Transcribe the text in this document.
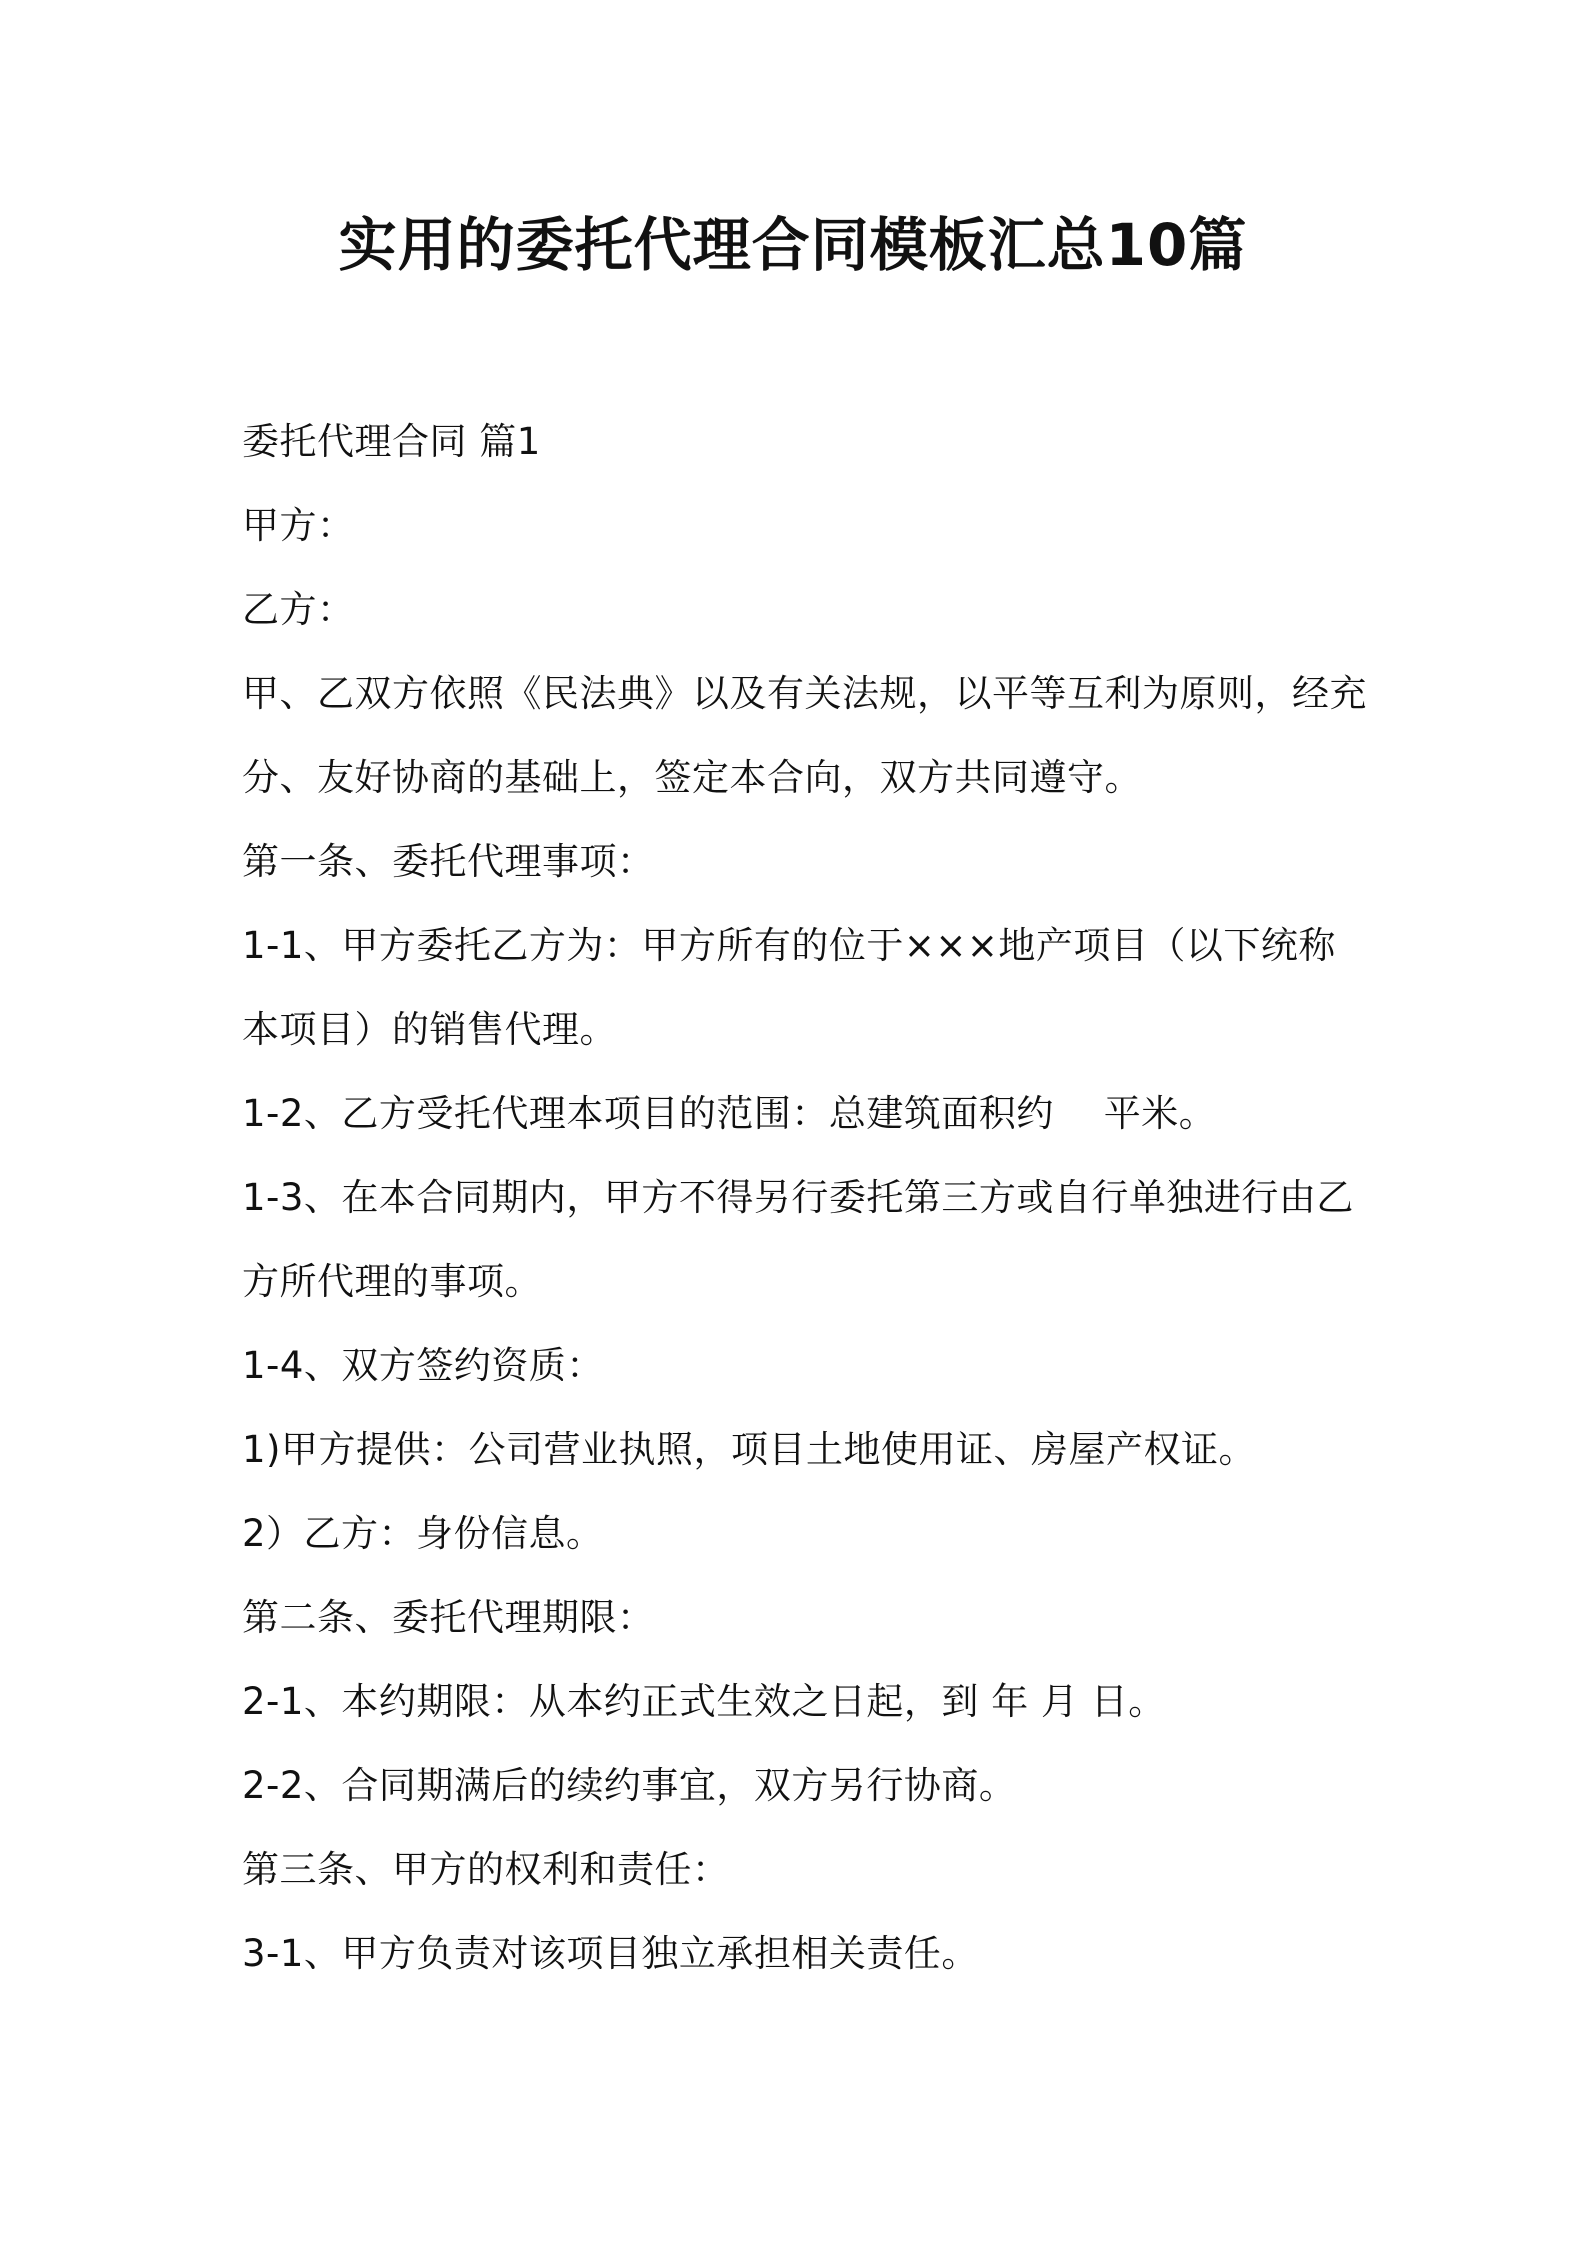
实用的委托代理合同模板汇总10篇
委托代理合同 篇1
甲方：
乙方：
甲、乙双方依照《民法典》以及有关法规，以平等互利为原则，经充
分、友好协商的基础上，签定本合向，双方共同遵守。
第一条、委托代理事项：
1-1、甲方委托乙方为：甲方所有的位于×××地产项目（以下统称
本项目）的销售代理。
1-2、乙方受托代理本项目的范围：总建筑面积约　 平米。
1-3、在本合同期内，甲方不得另行委托第三方或自行单独进行由乙
方所代理的事项。
1-4、双方签约资质：
1)甲方提供：公司营业执照，项目土地使用证、房屋产权证。
2）乙方：身份信息。
第二条、委托代理期限：
2-1、本约期限：从本约正式生效之日起，到 年 月 日。
2-2、合同期满后的续约事宜，双方另行协商。
第三条、甲方的权利和责任：
3-1、甲方负责对该项目独立承担相关责任。
